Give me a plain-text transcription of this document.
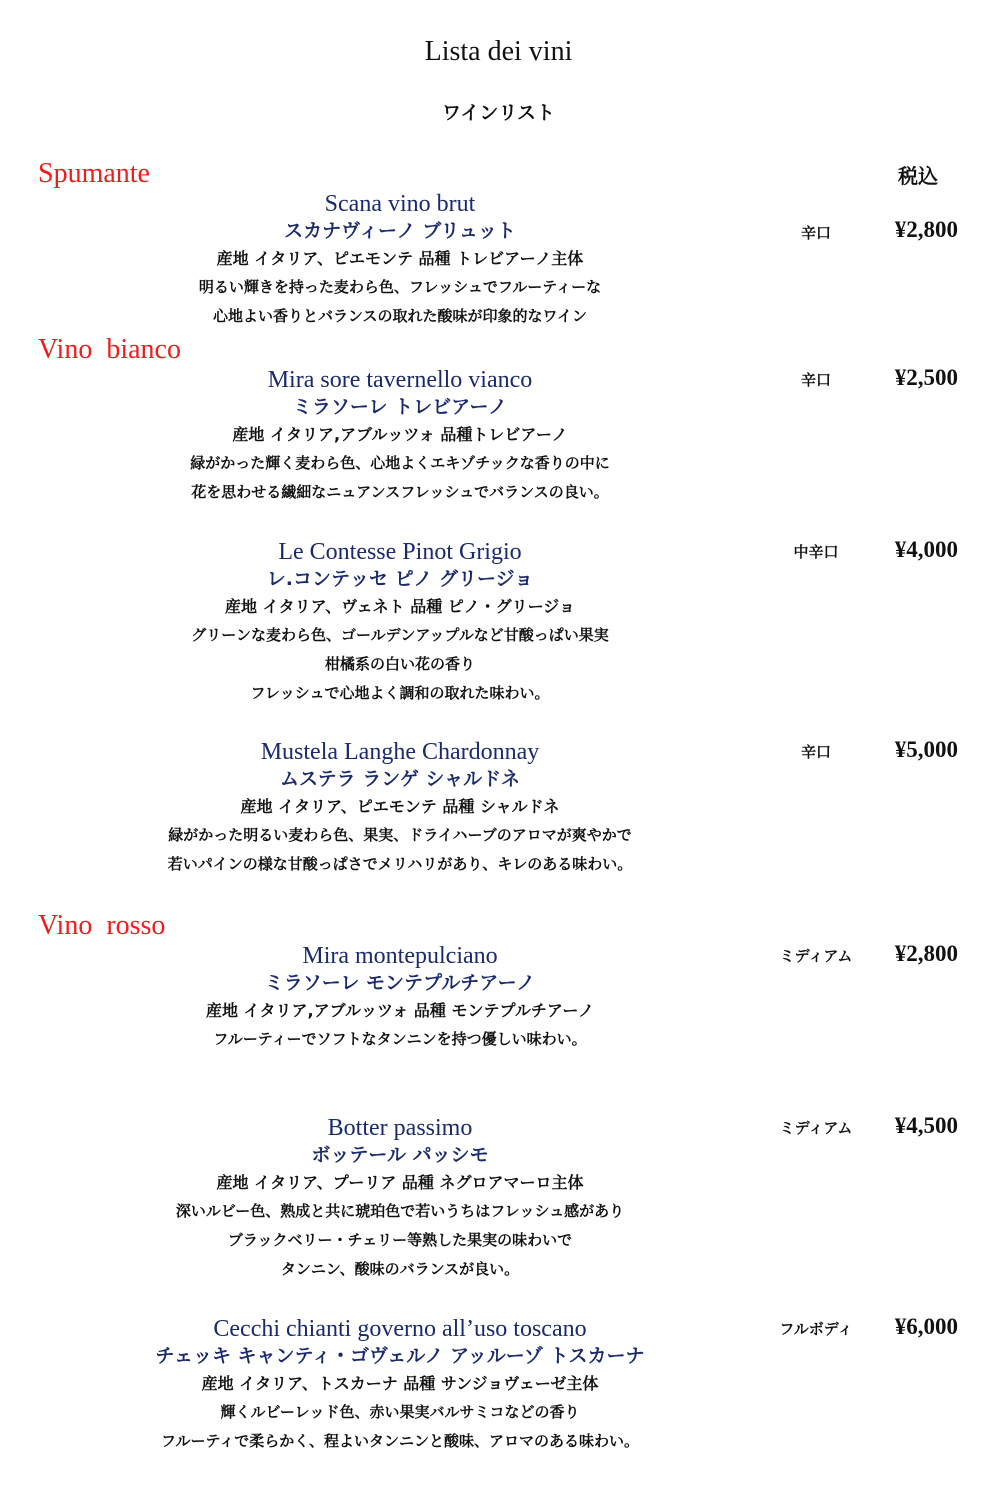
Lista dei vini
ワインリスト
税込
Spumante
Vino  bianco
Vino  rosso
Scana vino brut
スカナヴィーノ ブリュット
産地 イタリア、ピエモンテ 品種 トレビアーノ主体
明るい輝きを持った麦わら色、フレッシュでフルーティーな
心地よい香りとバランスの取れた酸味が印象的なワイン
辛口	¥2,800
Mira sore tavernello vianco
ミラソーレ トレビアーノ
産地 イタリア,アブルッツォ 品種トレビアーノ
緑がかった輝く麦わら色、心地よくエキゾチックな香りの中に
花を思わせる繊細なニュアンスフレッシュでバランスの良い。
辛口	¥2,500
Le Contesse Pinot Grigio
レ.コンテッセ ピノ グリージョ
産地 イタリア、ヴェネト 品種 ピノ・グリージョ
グリーンな麦わら色、ゴールデンアップルなど甘酸っぱい果実
柑橘系の白い花の香り
フレッシュで心地よく調和の取れた味わい。
中辛口	¥4,000
Mustela Langhe Chardonnay
ムステラ ランゲ シャルドネ
産地 イタリア、ピエモンテ 品種 シャルドネ
緑がかった明るい麦わら色、果実、ドライハーブのアロマが爽やかで
若いパインの様な甘酸っぱさでメリハリがあり、キレのある味わい。
辛口	¥5,000
Mira montepulciano
ミラソーレ モンテプルチアーノ
産地 イタリア,アブルッツォ 品種 モンテプルチアーノ
フルーティーでソフトなタンニンを持つ優しい味わい。
ミディアム	¥2,800
Botter passimo
ボッテール パッシモ
産地 イタリア、プーリア 品種 ネグロアマーロ主体
深いルビー色、熟成と共に琥珀色で若いうちはフレッシュ感があり
ブラックベリー・チェリー等熟した果実の味わいで
タンニン、酸味のバランスが良い。
ミディアム	¥4,500
Cecchi chianti governo all’uso toscano
チェッキ キャンティ・ゴヴェルノ アッルーゾ トスカーナ
産地 イタリア、トスカーナ 品種 サンジョヴェーゼ主体
輝くルビーレッド色、赤い果実バルサミコなどの香り
フルーティで柔らかく、程よいタンニンと酸味、アロマのある味わい。
フルボディ	¥6,000
